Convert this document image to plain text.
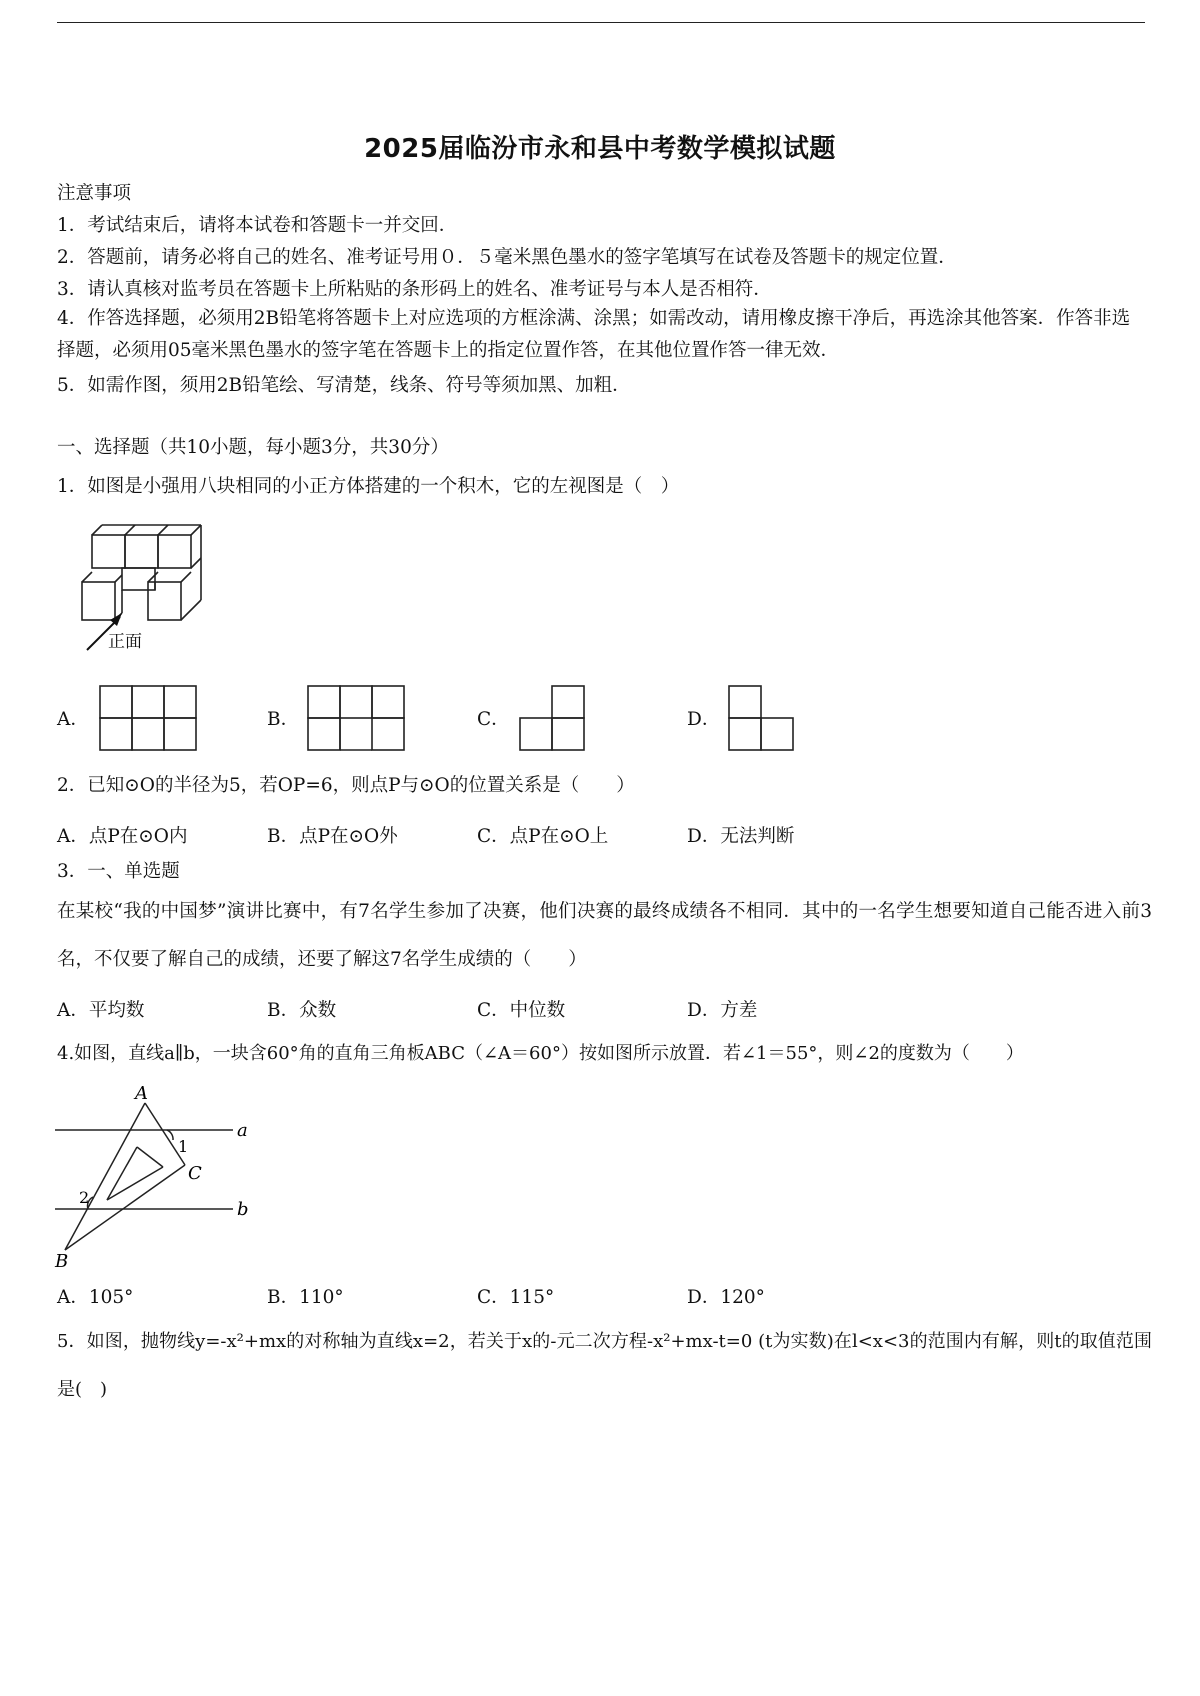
2025届临汾市永和县中考数学模拟试题
注意事项
1．考试结束后，请将本试卷和答题卡一并交回．
2．答题前，请务必将自己的姓名、准考证号用０．５毫米黑色墨水的签字笔填写在试卷及答题卡的规定位置．
3．请认真核对监考员在答题卡上所粘贴的条形码上的姓名、准考证号与本人是否相符．
4．作答选择题，必须用2B铅笔将答题卡上对应选项的方框涂满、涂黑；如需改动，请用橡皮擦干净后，再选涂其他答案．作答非选择题，必须用05毫米黑色墨水的签字笔在答题卡上的指定位置作答，在其他位置作答一律无效．
5．如需作图，须用2B铅笔绘、写清楚，线条、符号等须加黑、加粗．
一、选择题（共10小题，每小题3分，共30分）
1．如图是小强用八块相同的小正方体搭建的一个积木，它的左视图是（　）
正面
A．	B．	C．	D．
2．已知⊙O的半径为5，若OP=6，则点P与⊙O的位置关系是（　　）
A．点P在⊙O内	B．点P在⊙O外	C．点P在⊙O上	D．无法判断
3．一、单选题
在某校“我的中国梦”演讲比赛中，有7名学生参加了决赛，他们决赛的最终成绩各不相同．其中的一名学生想要知道自己能否进入前3名，不仅要了解自己的成绩，还要了解这7名学生成绩的（　　）
A．平均数	B．众数	C．中位数	D．方差
4.如图，直线a∥b，一块含60°角的直角三角板ABC（∠A＝60°）按如图所示放置．若∠1＝55°，则∠2的度数为（　　）
A
a
1
C
2
b
B
A．105°	B．110°	C．115°	D．120°
5．如图，抛物线y=-x²+mx的对称轴为直线x=2，若关于x的-元二次方程-x²+mx-t=0 (t为实数)在l<x<3的范围内有解，则t的取值范围是(　)
